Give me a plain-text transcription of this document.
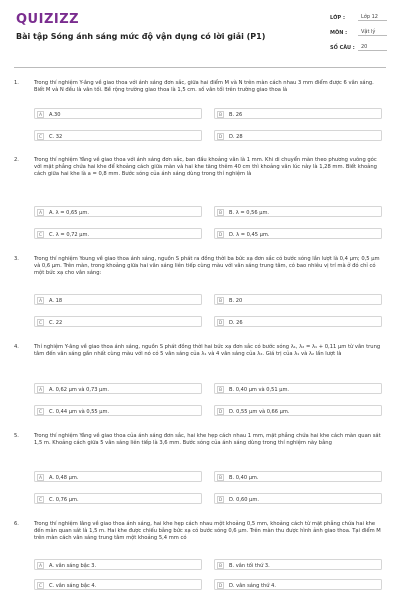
QUIZIZZ
Bài tập Sóng ánh sáng mức độ vận dụng có lời giải (P1)
LỚP :	Lớp 12
MÔN :	Vật lý
SỐ CÂU :	20
1.	Trong thí nghiệm Y-âng về giao thoa với ánh sáng đơn sắc, giữa hai điểm M và N trên màn cách nhau 3 mm điểm được 6 vân sáng. Biết M và N đều là vân tối. Bề rộng trường giao thoa là 1,5 cm. số vân tối trên trường giao thoa là

A	A.30	B	B. 26
C	C. 32	D	D. 28
2.	Trong thí nghiệm Yâng về giao thoa với ánh sáng đơn sắc, ban đầu khoảng vân là 1 mm. Khi di chuyển màn theo phương vuông góc với mặt phẳng chứa hai khe để khoảng cách giữa màn và hai khe tăng thêm 40 cm thì khoảng vân lúc này là 1,28 mm. Biết khoảng cách giữa hai khe là a = 0,8 mm. Bước sóng của ánh sáng dùng trong thí nghiệm là

A	A. λ = 0,65 μm.	B	B. λ = 0,56 μm.
C	C. λ = 0,72 μm.	D	D. λ = 0,45 μm.
3.	Trong thí nghiệm Young về giao thoa ánh sáng, nguồn S phát ra đồng thời ba bức xạ đơn sắc có bước sóng lần lượt là 0,4 μm; 0,5 μm và 0,6 μm. Trên màn, trong khoảng giữa hai vân sáng liên tiếp cùng màu với vân sáng trung tâm, có bao nhiêu vị trí mà ở đó chỉ có một bức xạ cho vân sáng:

A	A. 18	B	B. 20
C	C. 22	D	D. 26
4.	Thí nghiệm Y-âng về giao thoa ánh sáng, nguồn S phát đồng thời hai bức xạ đơn sắc có bước sóng λ₁, λ₂ = λ₁ + 0,11 μm từ vân trung tâm đến vân sáng gần nhất cùng màu với nó có 5 vân sáng của λ₁ và 4 vân sáng của λ₂. Giá trị của λ₁ và λ₂ lần lượt là

A	A. 0,62 μm và 0,73 μm.	B	B. 0,40 μm và 0,51 μm.
C	C. 0,44 μm và 0,55 μm.	D	D. 0,55 μm và 0,66 μm.
5.	Trong thí nghiệm Yâng về giao thoa của ánh sáng đơn sắc, hai khe hẹp cách nhau 1 mm, mặt phẳng chứa hai khe cách màn quan sát 1,5 m. Khoảng cách giữa 5 vân sáng liên tiếp là 3,6 mm. Bước sóng của ánh sáng dùng trong thí nghiệm này bằng

A	A. 0,48 μm.	B	B. 0,40 μm.
C	C. 0,76 μm.	D	D. 0,60 μm.
6.	Trong thí nghiệm Iâng về giao thoa ánh sáng, hai khe hẹp cách nhau một khoảng 0,5 mm, khoảng cách từ mặt phẳng chứa hai khe đến màn quan sát là 1,5 m. Hai khe được chiếu bằng bức xạ có bước sóng 0,6 μm. Trên màn thu được hình ảnh giao thoa. Tại điểm M trên màn cách vân sáng trung tâm một khoảng 5,4 mm có

A	A. vân sáng bậc 3.	B	B. vân tối thứ 3.
C	C. vân sáng bậc 4.	D	D. vân sáng thứ 4.
